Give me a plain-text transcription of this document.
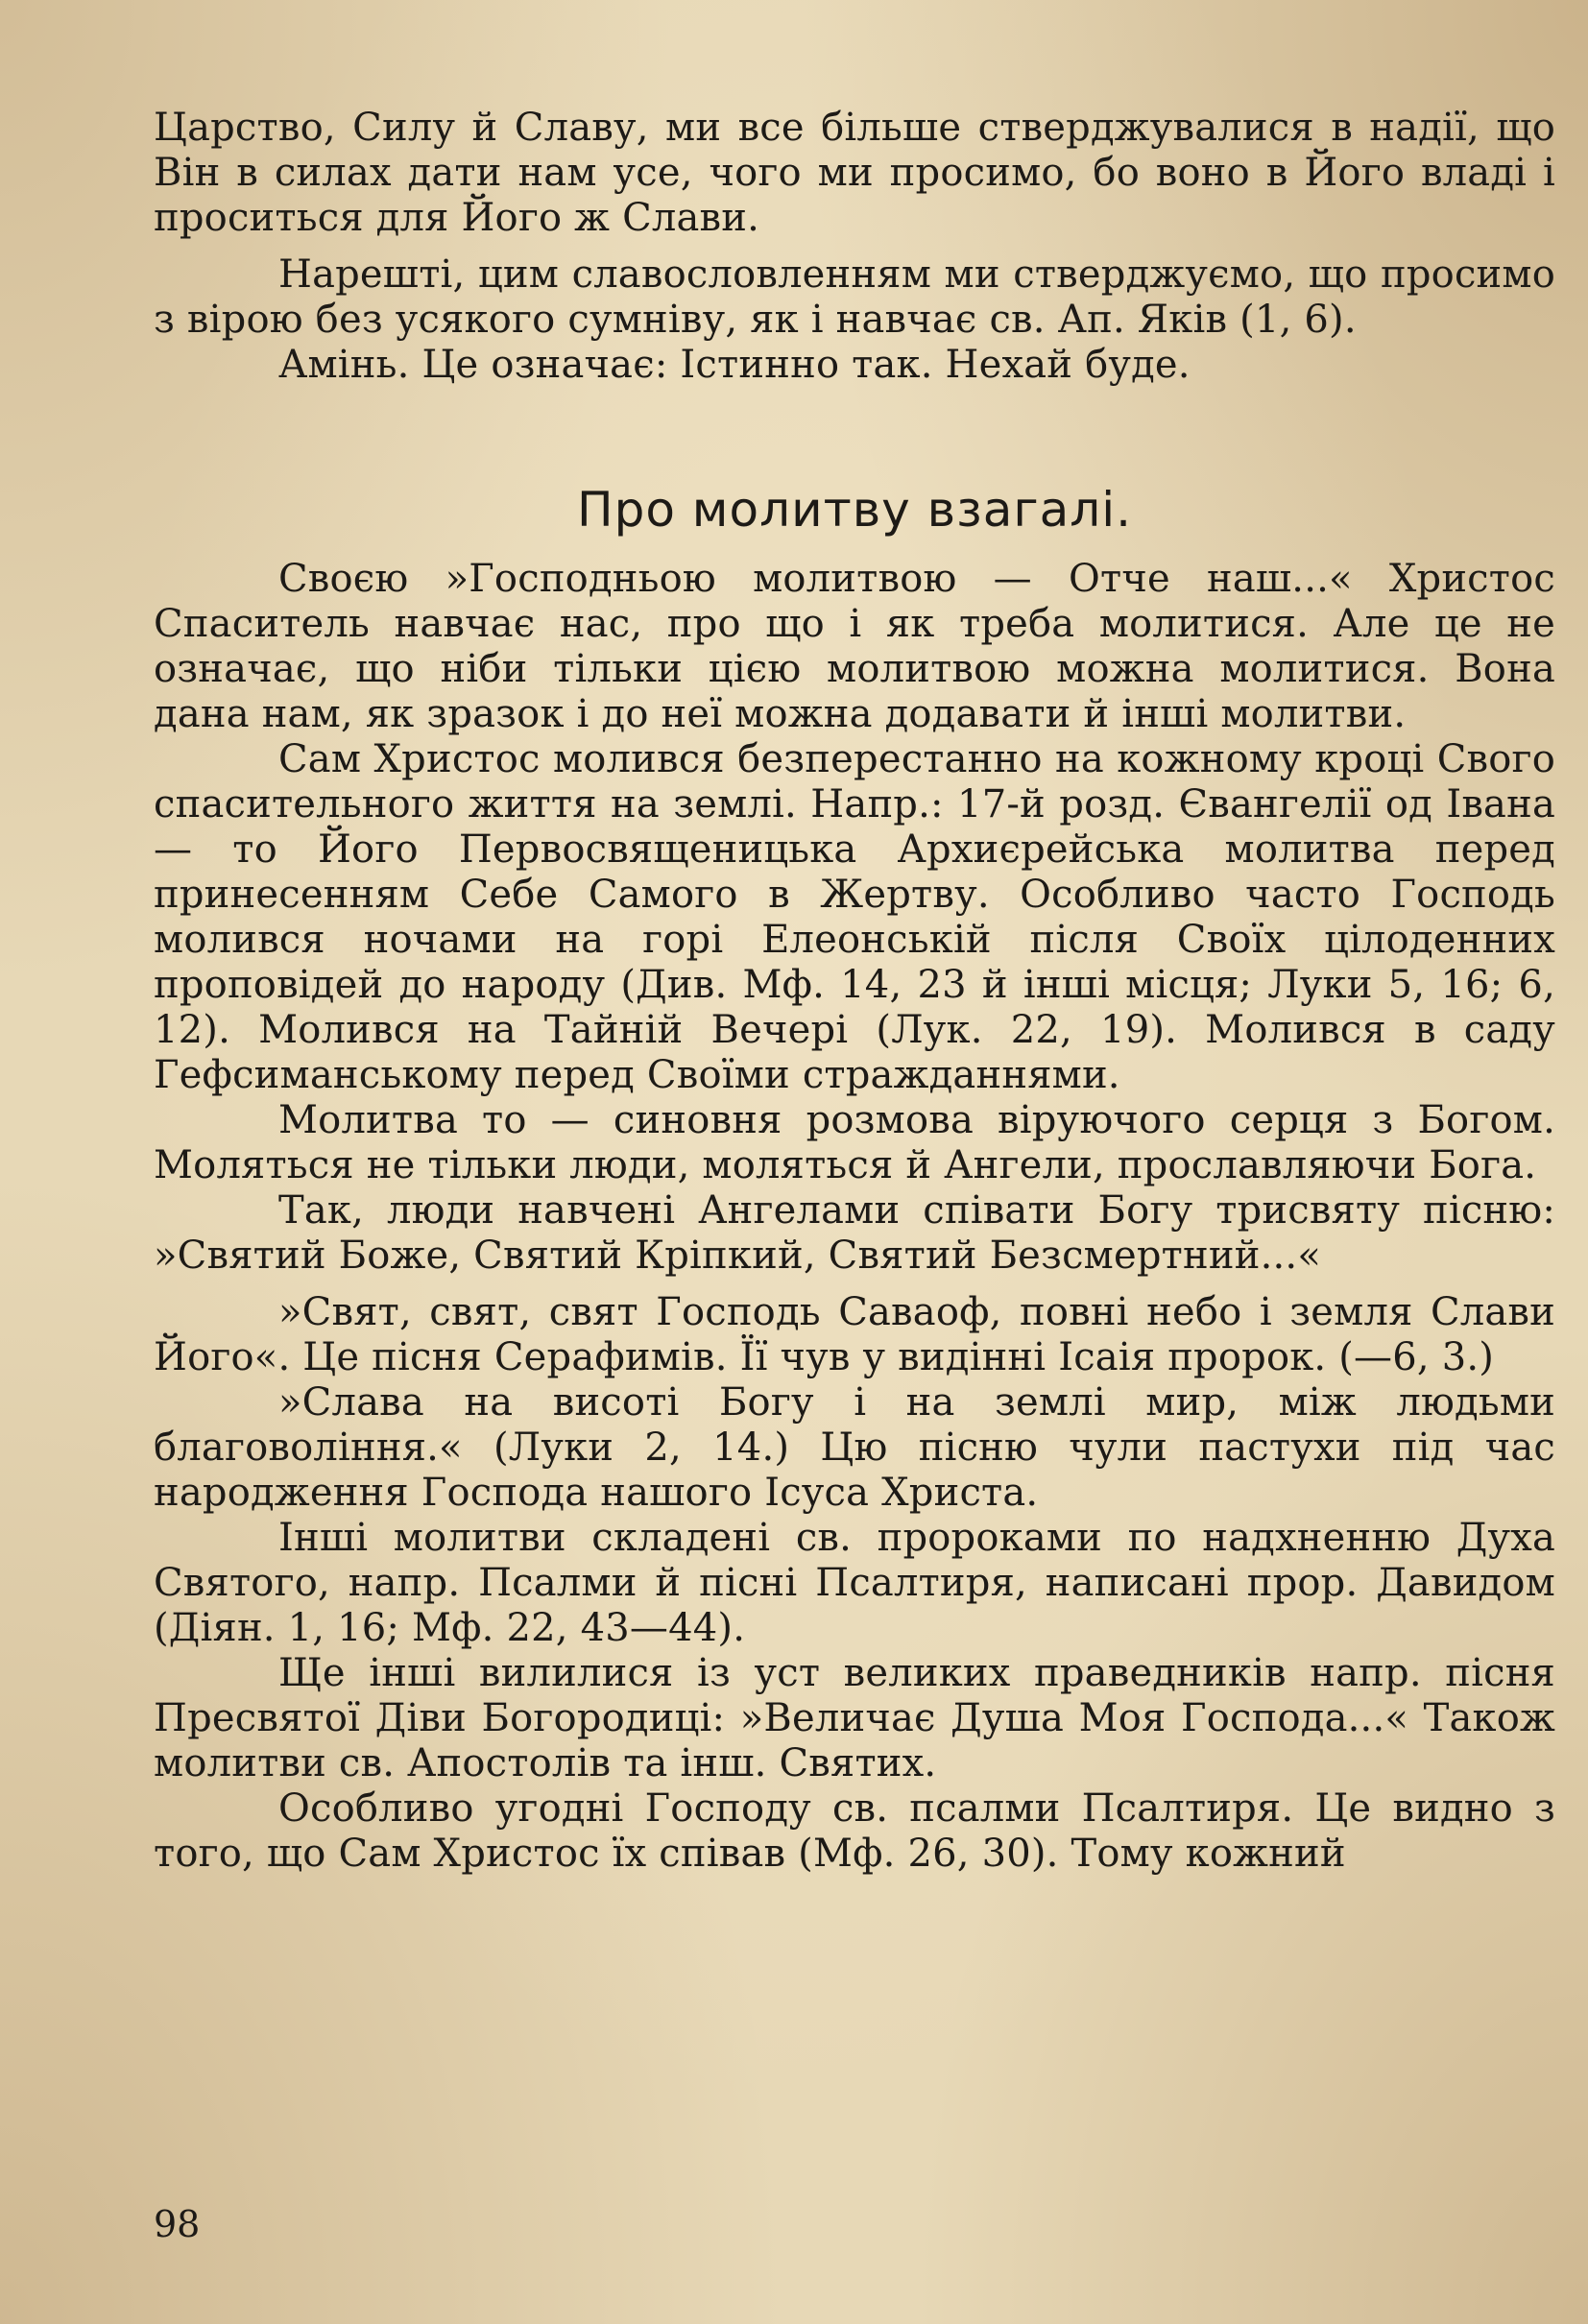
Царство, Силу й Славу, ми все більше стверджувалися в надії, що Він в силах дати нам усе, чого ми просимо, бо воно в Його владі і проситься для Його ж Слави.

Нарешті, цим славословленням ми стверджуємо, що просимо з вірою без усякого сумніву, як і навчає св. Ап. Яків (1, 6).

Амінь. Це означає: Істинно так. Нехай буде.

Про молитву взагалі.

Своєю »Господньою молитвою — Отче наш...« Христос Спаситель навчає нас, про що і як треба молитися. Але це не означає, що ніби тільки цією молитвою можна молитися. Вона дана нам, як зразок і до неї можна додавати й інші молитви.

Сам Христос молився безперестанно на кожному кроці Свого спасительного життя на землі. Напр.: 17-й розд. Євангелії од Івана — то Його Первосвященицька Архиєрейська молитва перед принесенням Себе Самого в Жертву. Особливо часто Господь молився ночами на горі Елеонській після Своїх цілоденних проповідей до народу (Див. Мф. 14, 23 й інші місця; Луки 5, 16; 6, 12). Молився на Тайній Вечері (Лук. 22, 19). Молився в саду Гефсиманському перед Своїми стражданнями.

Молитва то — синовня розмова віруючого серця з Богом. Моляться не тільки люди, моляться й Ангели, прославляючи Бога.

Так, люди навчені Ангелами співати Богу трисвяту пісню: »Святий Боже, Святий Кріпкий, Святий Безсмертний...«

»Свят, свят, свят Господь Саваоф, повні небо і земля Слави Його«. Це пісня Серафимів. Її чув у видінні Ісаія пророк. (—6, 3.)

»Слава на висоті Богу і на землі мир, між людьми благовоління.« (Луки 2, 14.) Цю пісню чули пастухи під час народження Господа нашого Ісуса Христа.

Інші молитви складені св. пророками по надхненню Духа Святого, напр. Псалми й пісні Псалтиря, написані прор. Давидом (Діян. 1, 16; Мф. 22, 43—44).

Ще інші вилилися із уст великих праведників напр. пісня Пресвятої Діви Богородиці: »Величає Душа Моя Господа...« Також молитви св. Апостолів та інш. Святих.

Особливо угодні Господу св. псалми Псалтиря. Це видно з того, що Сам Христос їх співав (Мф. 26, 30). Тому кожний

98
